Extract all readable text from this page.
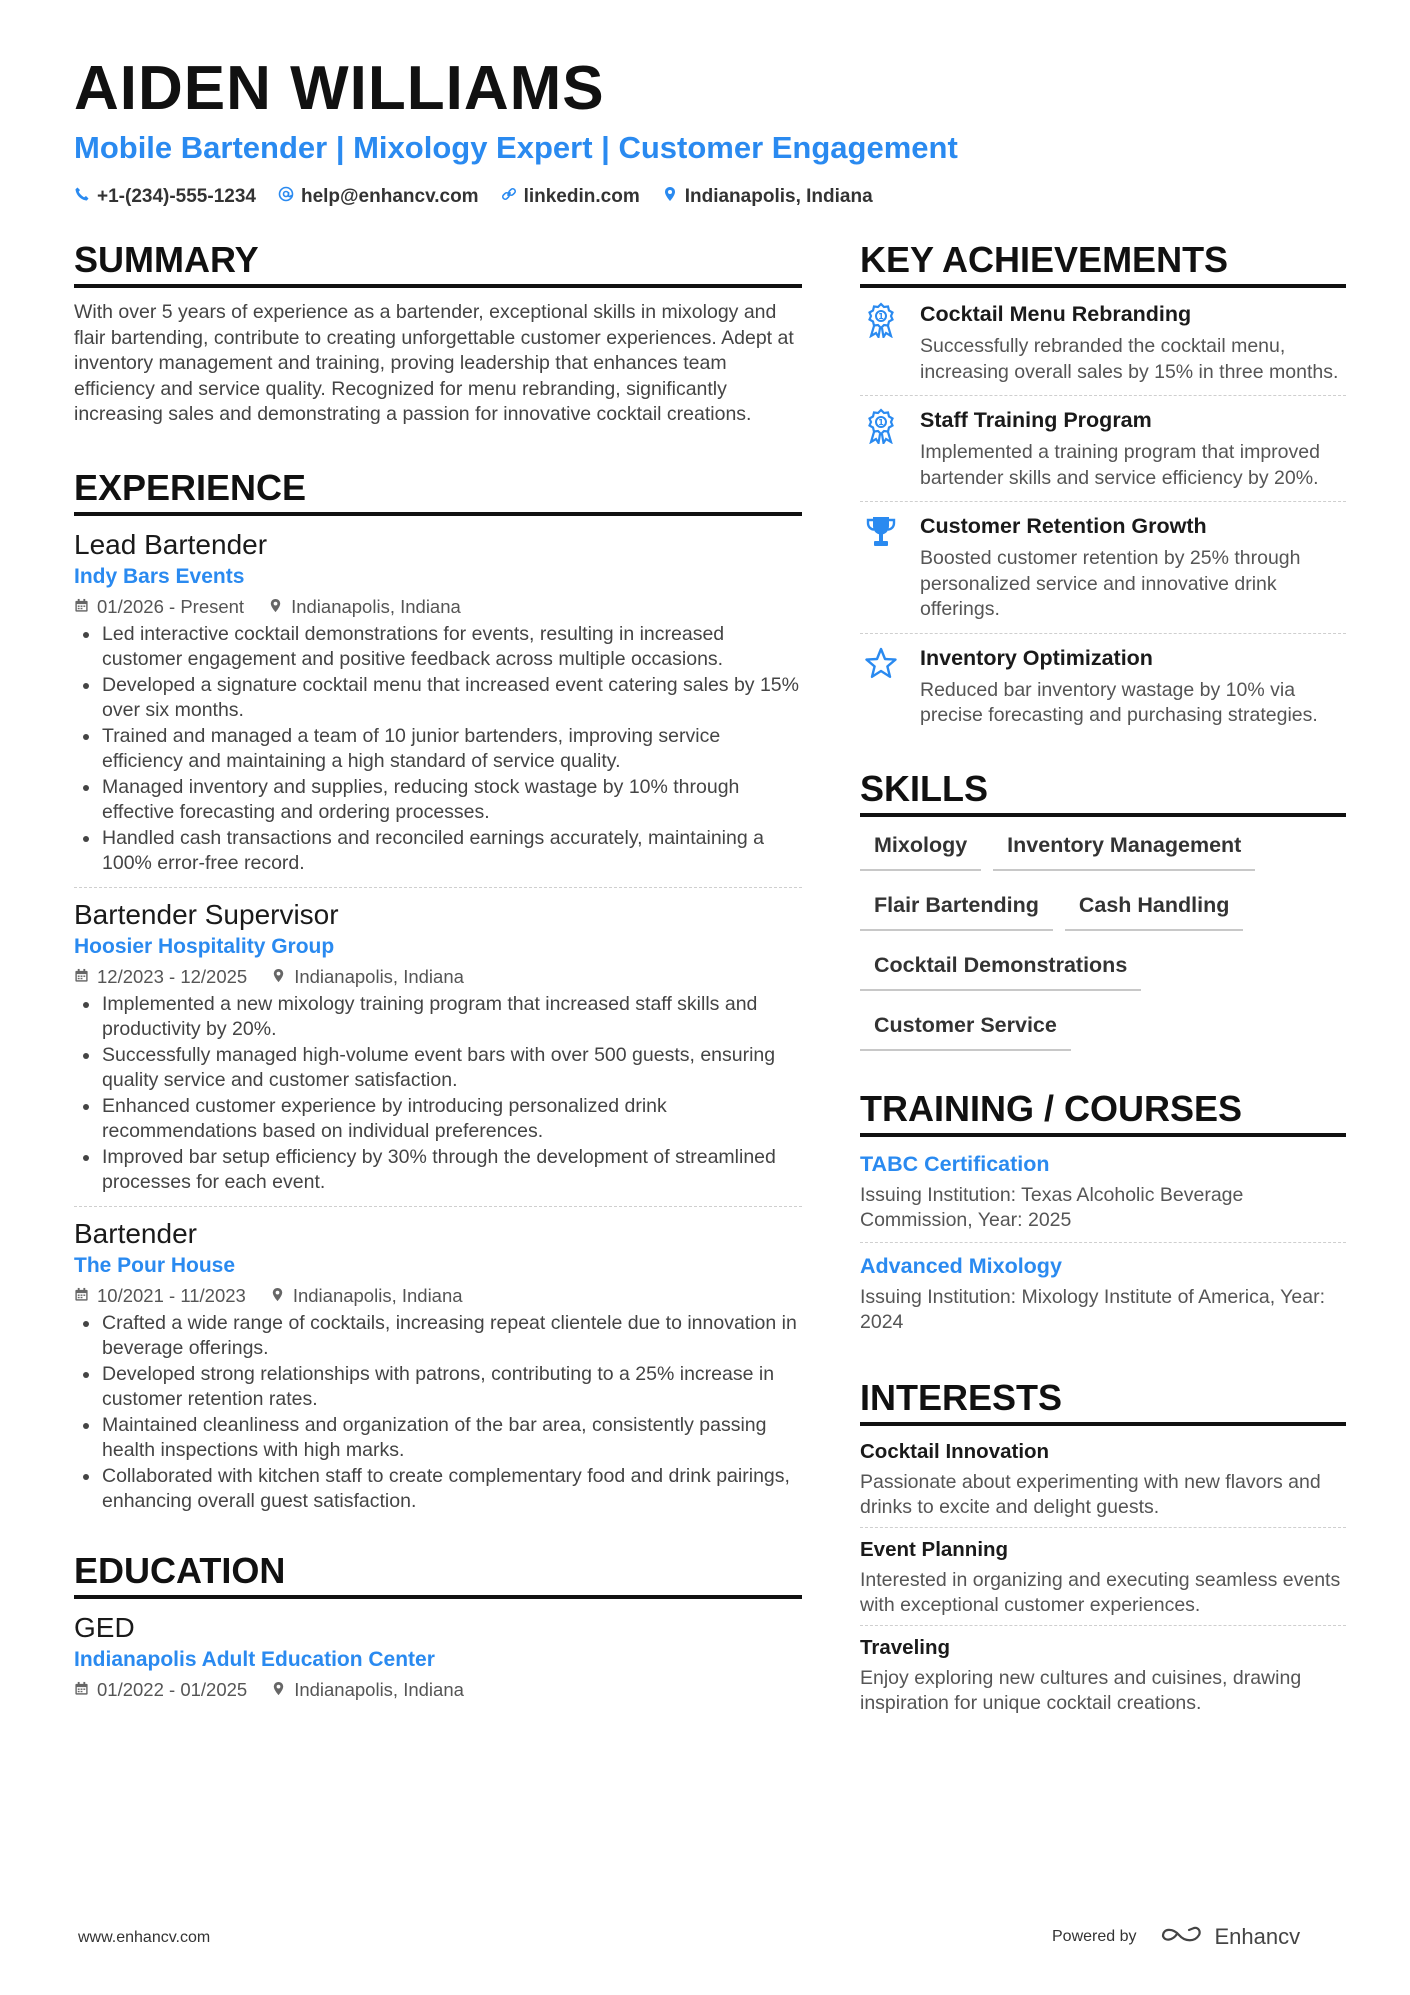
AIDEN WILLIAMS
Mobile Bartender | Mixology Expert | Customer Engagement
+1-(234)-555-1234 help@enhancv.com linkedin.com Indianapolis, Indiana
SUMMARY

With over 5 years of experience as a bartender, exceptional skills in mixology and flair bartending, contribute to creating unforgettable customer experiences. Adept at inventory management and training, proving leadership that enhances team efficiency and service quality. Recognized for menu rebranding, significantly increasing sales and demonstrating a passion for innovative cocktail creations.

EXPERIENCE
Lead Bartender
Indy Bars Events
01/2026 - Present	Indianapolis, Indiana
Led interactive cocktail demonstrations for events, resulting in increased customer engagement and positive feedback across multiple occasions.
Developed a signature cocktail menu that increased event catering sales by 15% over six months.
Trained and managed a team of 10 junior bartenders, improving service efficiency and maintaining a high standard of service quality.
Managed inventory and supplies, reducing stock wastage by 10% through effective forecasting and ordering processes.
Handled cash transactions and reconciled earnings accurately, maintaining a 100% error-free record.
Bartender Supervisor
Hoosier Hospitality Group
12/2023 - 12/2025	Indianapolis, Indiana
Implemented a new mixology training program that increased staff skills and productivity by 20%.
Successfully managed high-volume event bars with over 500 guests, ensuring quality service and customer satisfaction.
Enhanced customer experience by introducing personalized drink recommendations based on individual preferences.
Improved bar setup efficiency by 30% through the development of streamlined processes for each event.
Bartender
The Pour House
10/2021 - 11/2023	Indianapolis, Indiana
Crafted a wide range of cocktails, increasing repeat clientele due to innovation in beverage offerings.
Developed strong relationships with patrons, contributing to a 25% increase in customer retention rates.
Maintained cleanliness and organization of the bar area, consistently passing health inspections with high marks.
Collaborated with kitchen staff to create complementary food and drink pairings, enhancing overall guest satisfaction.
EDUCATION
GED
Indianapolis Adult Education Center
01/2022 - 01/2025	Indianapolis, Indiana
KEY ACHIEVEMENTS
1 Cocktail Menu Rebranding
Successfully rebranded the cocktail menu, increasing overall sales by 15% in three months.
1 Staff Training Program
Implemented a training program that improved bartender skills and service efficiency by 20%.
Customer Retention Growth
Boosted customer retention by 25% through personalized service and innovative drink offerings.
Inventory Optimization
Reduced bar inventory wastage by 10% via precise forecasting and purchasing strategies.
SKILLS
Mixology	Inventory Management
Flair Bartending	Cash Handling
Cocktail Demonstrations
Customer Service
TRAINING / COURSES
TABC Certification
Issuing Institution: Texas Alcoholic Beverage Commission, Year: 2025
Advanced Mixology
Issuing Institution: Mixology Institute of America, Year: 2024
INTERESTS
Cocktail Innovation
Passionate about experimenting with new flavors and drinks to excite and delight guests.
Event Planning
Interested in organizing and executing seamless events with exceptional customer experiences.
Traveling
Enjoy exploring new cultures and cuisines, drawing inspiration for unique cocktail creations.
www.enhancv.com	Powered by	Enhancv
